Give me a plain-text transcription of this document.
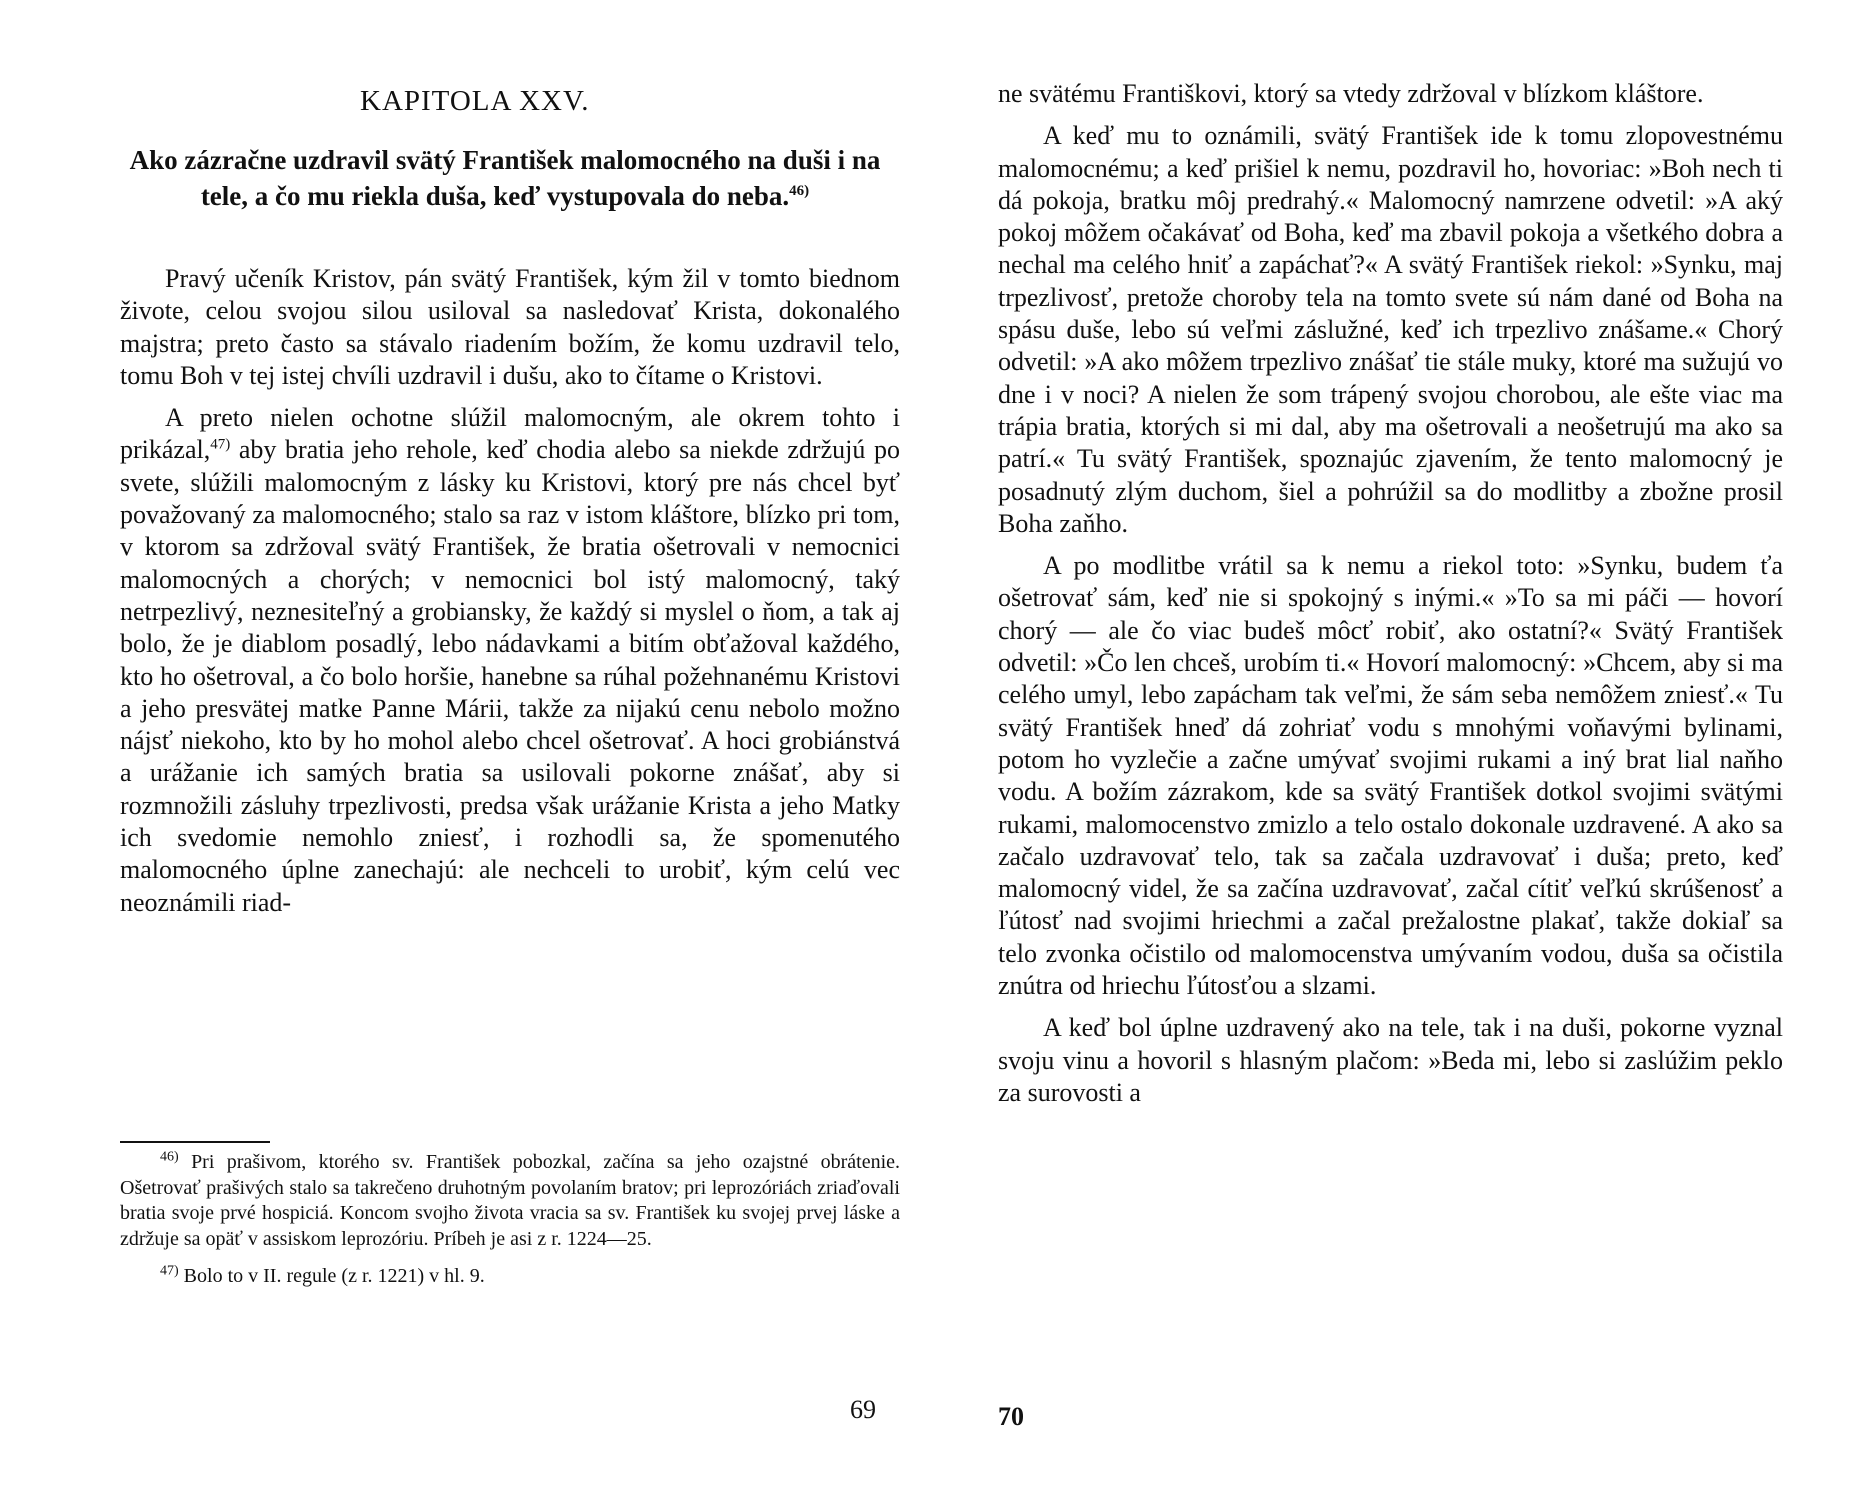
KAPITOLA XXV.
Ako zázračne uzdravil svätý František malomocného na duši i na tele, a čo mu riekla duša, keď vystupovala do neba.$^{46)}$

Pravý učeník Kristov, pán svätý František, kým žil v tomto biednom živote, celou svojou silou usiloval sa nasledovať Krista, dokonalého majstra; preto často sa stávalo riadením božím, že komu uzdravil telo, tomu Boh v tej istej chvíli uzdravil i dušu, ako to čítame o Kristovi.

A preto nielen ochotne slúžil malomocným, ale okrem tohto i prikázal,$^{47)}$ aby bratia jeho rehole, keď chodia alebo sa niekde zdržujú po svete, slúžili malomocným z lásky ku Kristovi, ktorý pre nás chcel byť považovaný za malomocného; stalo sa raz v istom kláštore, blízko pri tom, v ktorom sa zdržoval svätý František, že bratia ošetrovali v nemocnici malomocných a chorých; v nemocnici bol istý malomocný, taký netrpezlivý, neznesiteľný a grobiansky, že každý si myslel o ňom, a tak aj bolo, že je diablom posadlý, lebo nádavkami a bitím obťažoval každého, kto ho ošetroval, a čo bolo horšie, hanebne sa rúhal požehnanému Kristovi a jeho presvätej matke Panne Márii, takže za nijakú cenu nebolo možno nájsť niekoho, kto by ho mohol alebo chcel ošetrovať. A hoci grobiánstvá a urážanie ich samých bratia sa usilovali pokorne znášať, aby si rozmnožili zásluhy trpezlivosti, predsa však urážanie Krista a jeho Matky ich svedomie nemohlo zniesť, i rozhodli sa, že spomenutého malomocného úplne zanechajú: ale nechceli to urobiť, kým celú vec neoznámili riad-

$^{46)}$ Pri prašivom, ktorého sv. František pobozkal, začína sa jeho ozajstné obrátenie. Ošetrovať prašivých stalo sa takrečeno druhotným povolaním bratov; pri leprozóriách zriaďovali bratia svoje prvé hospiciá. Koncom svojho života vracia sa sv. František ku svojej prvej láske a zdržuje sa opäť v assiskom leprozóriu. Príbeh je asi z r. 1224—25.

$^{47)}$ Bolo to v II. regule (z r. 1221) v hl. 9.

69

ne svätému Františkovi, ktorý sa vtedy zdržoval v blízkom kláštore.

A keď mu to oznámili, svätý František ide k tomu zlopovestnému malomocnému; a keď prišiel k nemu, pozdravil ho, hovoriac: »Boh nech ti dá pokoja, bratku môj predrahý.« Malomocný namrzene odvetil: »A aký pokoj môžem očakávať od Boha, keď ma zbavil pokoja a všetkého dobra a nechal ma celého hniť a zapáchať?« A svätý František riekol: »Synku, maj trpezlivosť, pretože choroby tela na tomto svete sú nám dané od Boha na spásu duše, lebo sú veľmi záslužné, keď ich trpezlivo znášame.« Chorý odvetil: »A ako môžem trpezlivo znášať tie stále muky, ktoré ma sužujú vo dne i v noci? A nielen že som trápený svojou chorobou, ale ešte viac ma trápia bratia, ktorých si mi dal, aby ma ošetrovali a neošetrujú ma ako sa patrí.« Tu svätý František, spoznajúc zjavením, že tento malomocný je posadnutý zlým duchom, šiel a pohrúžil sa do modlitby a zbožne prosil Boha zaňho.

A po modlitbe vrátil sa k nemu a riekol toto: »Synku, budem ťa ošetrovať sám, keď nie si spokojný s inými.« »To sa mi páči — hovorí chorý — ale čo viac budeš môcť robiť, ako ostatní?« Svätý František odvetil: »Čo len chceš, urobím ti.« Hovorí malomocný: »Chcem, aby si ma celého umyl, lebo zapácham tak veľmi, že sám seba nemôžem zniesť.« Tu svätý František hneď dá zohriať vodu s mnohými voňavými bylinami, potom ho vyzlečie a začne umývať svojimi rukami a iný brat lial naňho vodu. A božím zázrakom, kde sa svätý František dotkol svojimi svätými rukami, malomocenstvo zmizlo a telo ostalo dokonale uzdravené. A ako sa začalo uzdravovať telo, tak sa začala uzdravovať i duša; preto, keď malomocný videl, že sa začína uzdravovať, začal cítiť veľkú skrúšenosť a ľútosť nad svojimi hriechmi a začal prežalostne plakať, takže dokiaľ sa telo zvonka očistilo od malomocenstva umývaním vodou, duša sa očistila znútra od hriechu ľútosťou a slzami.

A keď bol úplne uzdravený ako na tele, tak i na duši, pokorne vyznal svoju vinu a hovoril s hlasným plačom: »Beda mi, lebo si zaslúžim peklo za surovosti a

70
